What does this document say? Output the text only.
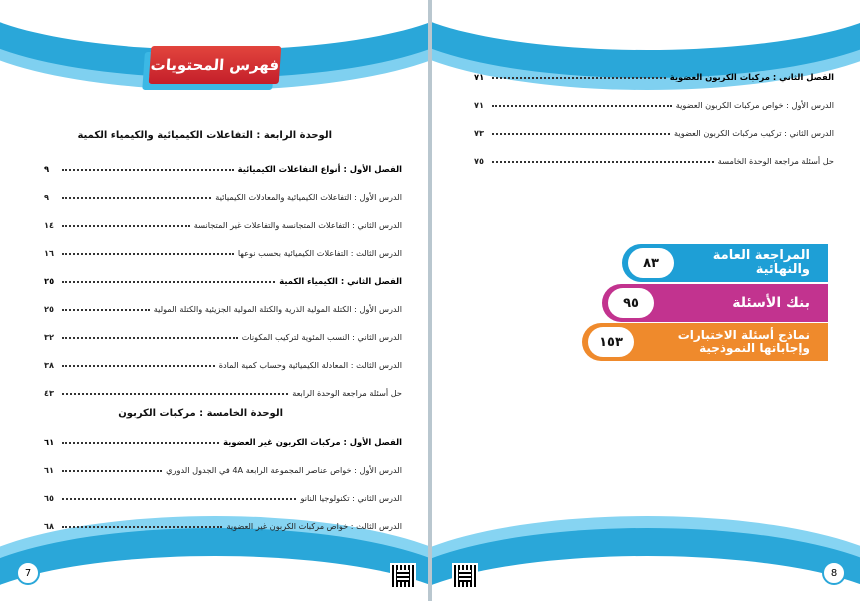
فهرس المحتويات
الوحدة الرابعة : التفاعلات الكيميائية والكيمياء الكمية
الفصل الأول : أنواع التفاعلات الكيميائية
٩
الدرس الأول : التفاعلات الكيميائية والمعادلات الكيميائية
٩
الدرس الثاني : التفاعلات المتجانسة والتفاعلات غير المتجانسة
١٤
الدرس الثالث : التفاعلات الكيميائية بحسب نوعها
١٦
الفصل الثاني : الكيمياء الكمية
٢٥
الدرس الأول : الكتلة المولية الذرية والكتلة المولية الجزيئية والكتلة المولية
٢٥
الدرس الثاني : النسب المئوية لتركيب المكونات
٣٢
الدرس الثالث : المعادلة الكيميائية وحساب كمية المادة
٣٨
حل أسئلة مراجعة الوحدة الرابعة
٤٣
الوحدة الخامسة : مركبات الكربون
الفصل الأول : مركبات الكربون غير العضوية
٦١
الدرس الأول : خواص عناصر المجموعة الرابعة 4A في الجدول الدوري
٦١
الدرس الثاني : تكنولوجيا النانو
٦٥
الدرس الثالث : خواص مركبات الكربون غير العضوية
٦٨
7
www.al-morshid.net / 55194267
الفصل الثاني : مركبات الكربون العضوية
٧١
الدرس الأول : خواص مركبات الكربون العضوية
٧١
الدرس الثاني : تركيب مركبات الكربون العضوية
٧٣
حل أسئلة مراجعة الوحدة الخامسة
٧٥
المراجعة العامة والنهائية
٨٣
بنك الأسئلة
٩٥
نماذج أسئلة الاختبارات وإجاباتها النموذجية
١٥٣
8
